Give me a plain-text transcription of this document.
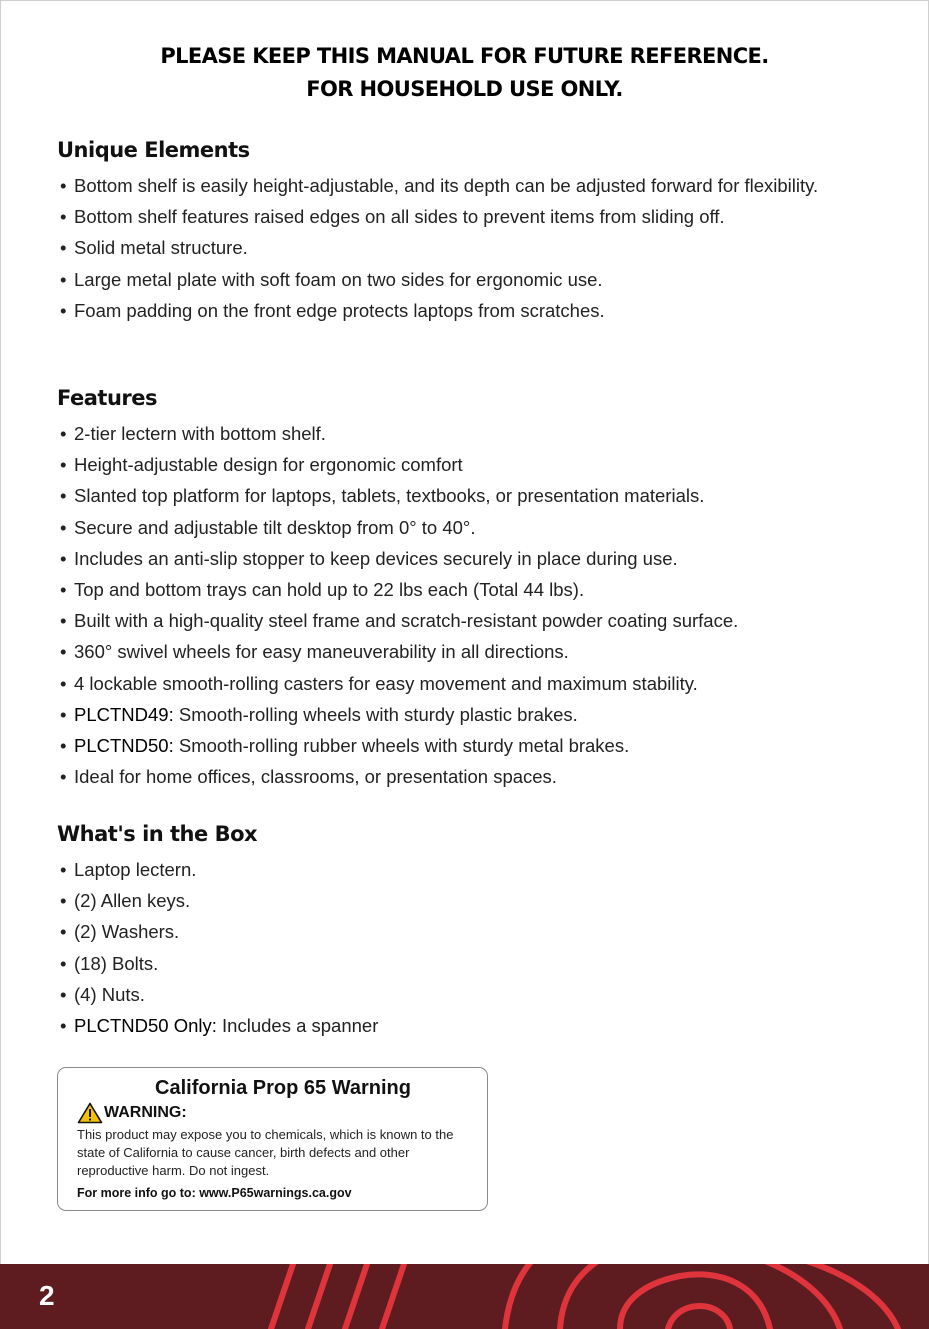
PLEASE KEEP THIS MANUAL FOR FUTURE REFERENCE.
FOR HOUSEHOLD USE ONLY.
Unique Elements
• Bottom shelf is easily height-adjustable, and its depth can be adjusted forward for flexibility.
• Bottom shelf features raised edges on all sides to prevent items from sliding off.
• Solid metal structure.
• Large metal plate with soft foam on two sides for ergonomic use.
• Foam padding on the front edge protects laptops from scratches.
Features
• 2-tier lectern with bottom shelf.
• Height-adjustable design for ergonomic comfort
• Slanted top platform for laptops, tablets, textbooks, or presentation materials.
• Secure and adjustable tilt desktop from 0° to 40°.
• Includes an anti-slip stopper to keep devices securely in place during use.
• Top and bottom trays can hold up to 22 lbs each (Total 44 lbs).
• Built with a high-quality steel frame and scratch-resistant powder coating surface.
• 360° swivel wheels for easy maneuverability in all directions.
• 4 lockable smooth-rolling casters for easy movement and maximum stability.
• PLCTND49: Smooth-rolling wheels with sturdy plastic brakes.
• PLCTND50: Smooth-rolling rubber wheels with sturdy metal brakes.
• Ideal for home offices, classrooms, or presentation spaces.
What's in the Box
• Laptop lectern.
• (2) Allen keys.
• (2) Washers.
• (18) Bolts.
• (4) Nuts.
• PLCTND50 Only: Includes a spanner
California Prop 65 Warning
WARNING:
This product may expose you to chemicals, which is known to the state of California to cause cancer, birth defects and other reproductive harm. Do not ingest.
For more info go to: www.P65warnings.ca.gov
2
